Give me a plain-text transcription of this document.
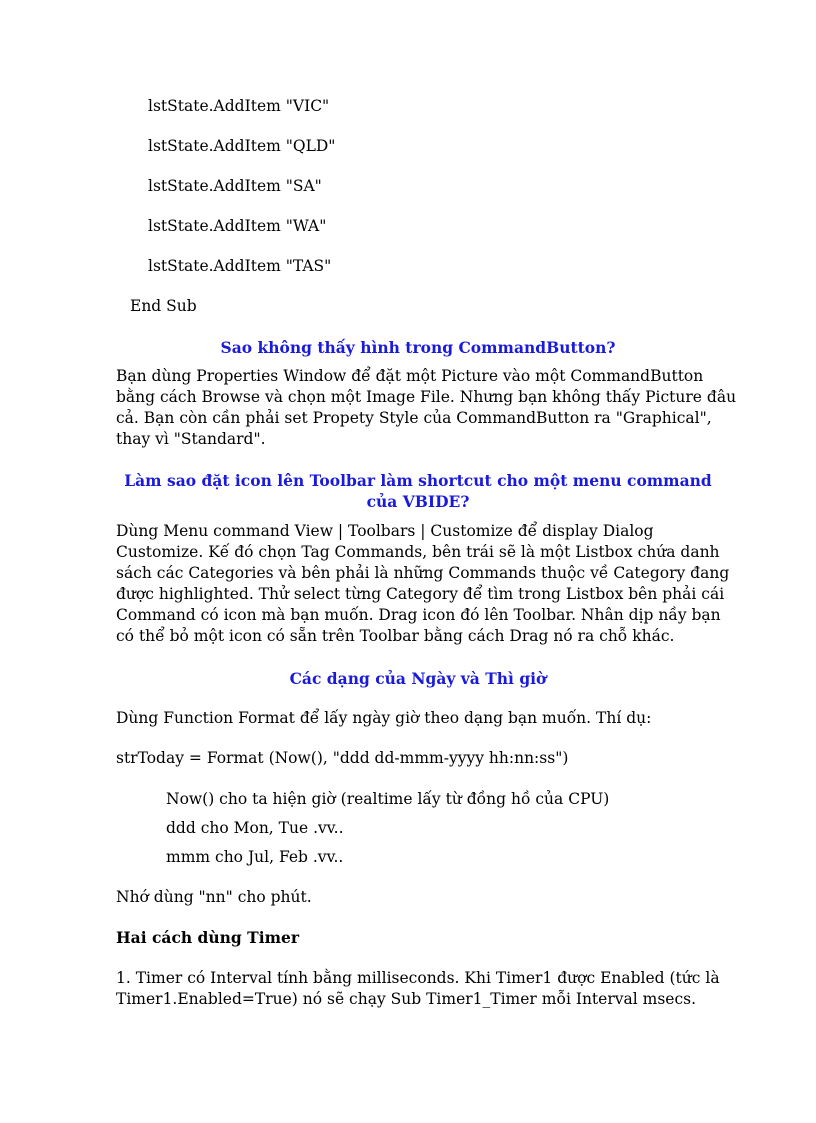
lstState.AddItem "VIC"
lstState.AddItem "QLD"
lstState.AddItem "SA"
lstState.AddItem "WA"
lstState.AddItem "TAS"
End Sub
Sao không thấy hình trong CommandButton?
Bạn dùng Properties Window để đặt một Picture vào một CommandButton
bằng cách Browse và chọn một Image File. Nhưng bạn không thấy Picture đâu
cả. Bạn còn cần phải set Propety Style của CommandButton ra "Graphical",
thay vì "Standard".
Làm sao đặt icon lên Toolbar làm shortcut cho một menu command
của VBIDE?
Dùng Menu command View | Toolbars | Customize để display Dialog
Customize. Kế đó chọn Tag Commands, bên trái sẽ là một Listbox chứa danh
sách các Categories và bên phải là những Commands thuộc về Category đang
được highlighted. Thử select từng Category để tìm trong Listbox bên phải cái
Command có icon mà bạn muốn. Drag icon đó lên Toolbar. Nhân dịp nầy bạn
có thể bỏ một icon có sẵn trên Toolbar bằng cách Drag nó ra chỗ khác.
Các dạng của Ngày và Thì giờ
Dùng Function Format để lấy ngày giờ theo dạng bạn muốn. Thí dụ:
strToday = Format (Now(), "ddd dd-mmm-yyyy hh:nn:ss")
Now() cho ta hiện giờ (realtime lấy từ đồng hồ của CPU)
ddd cho Mon, Tue .vv..
mmm cho Jul, Feb .vv..
Nhớ dùng "nn" cho phút.
Hai cách dùng Timer
1. Timer có Interval tính bằng milliseconds. Khi Timer1 được Enabled (tức là
Timer1.Enabled=True) nó sẽ chạy Sub Timer1_Timer mỗi Interval msecs.
